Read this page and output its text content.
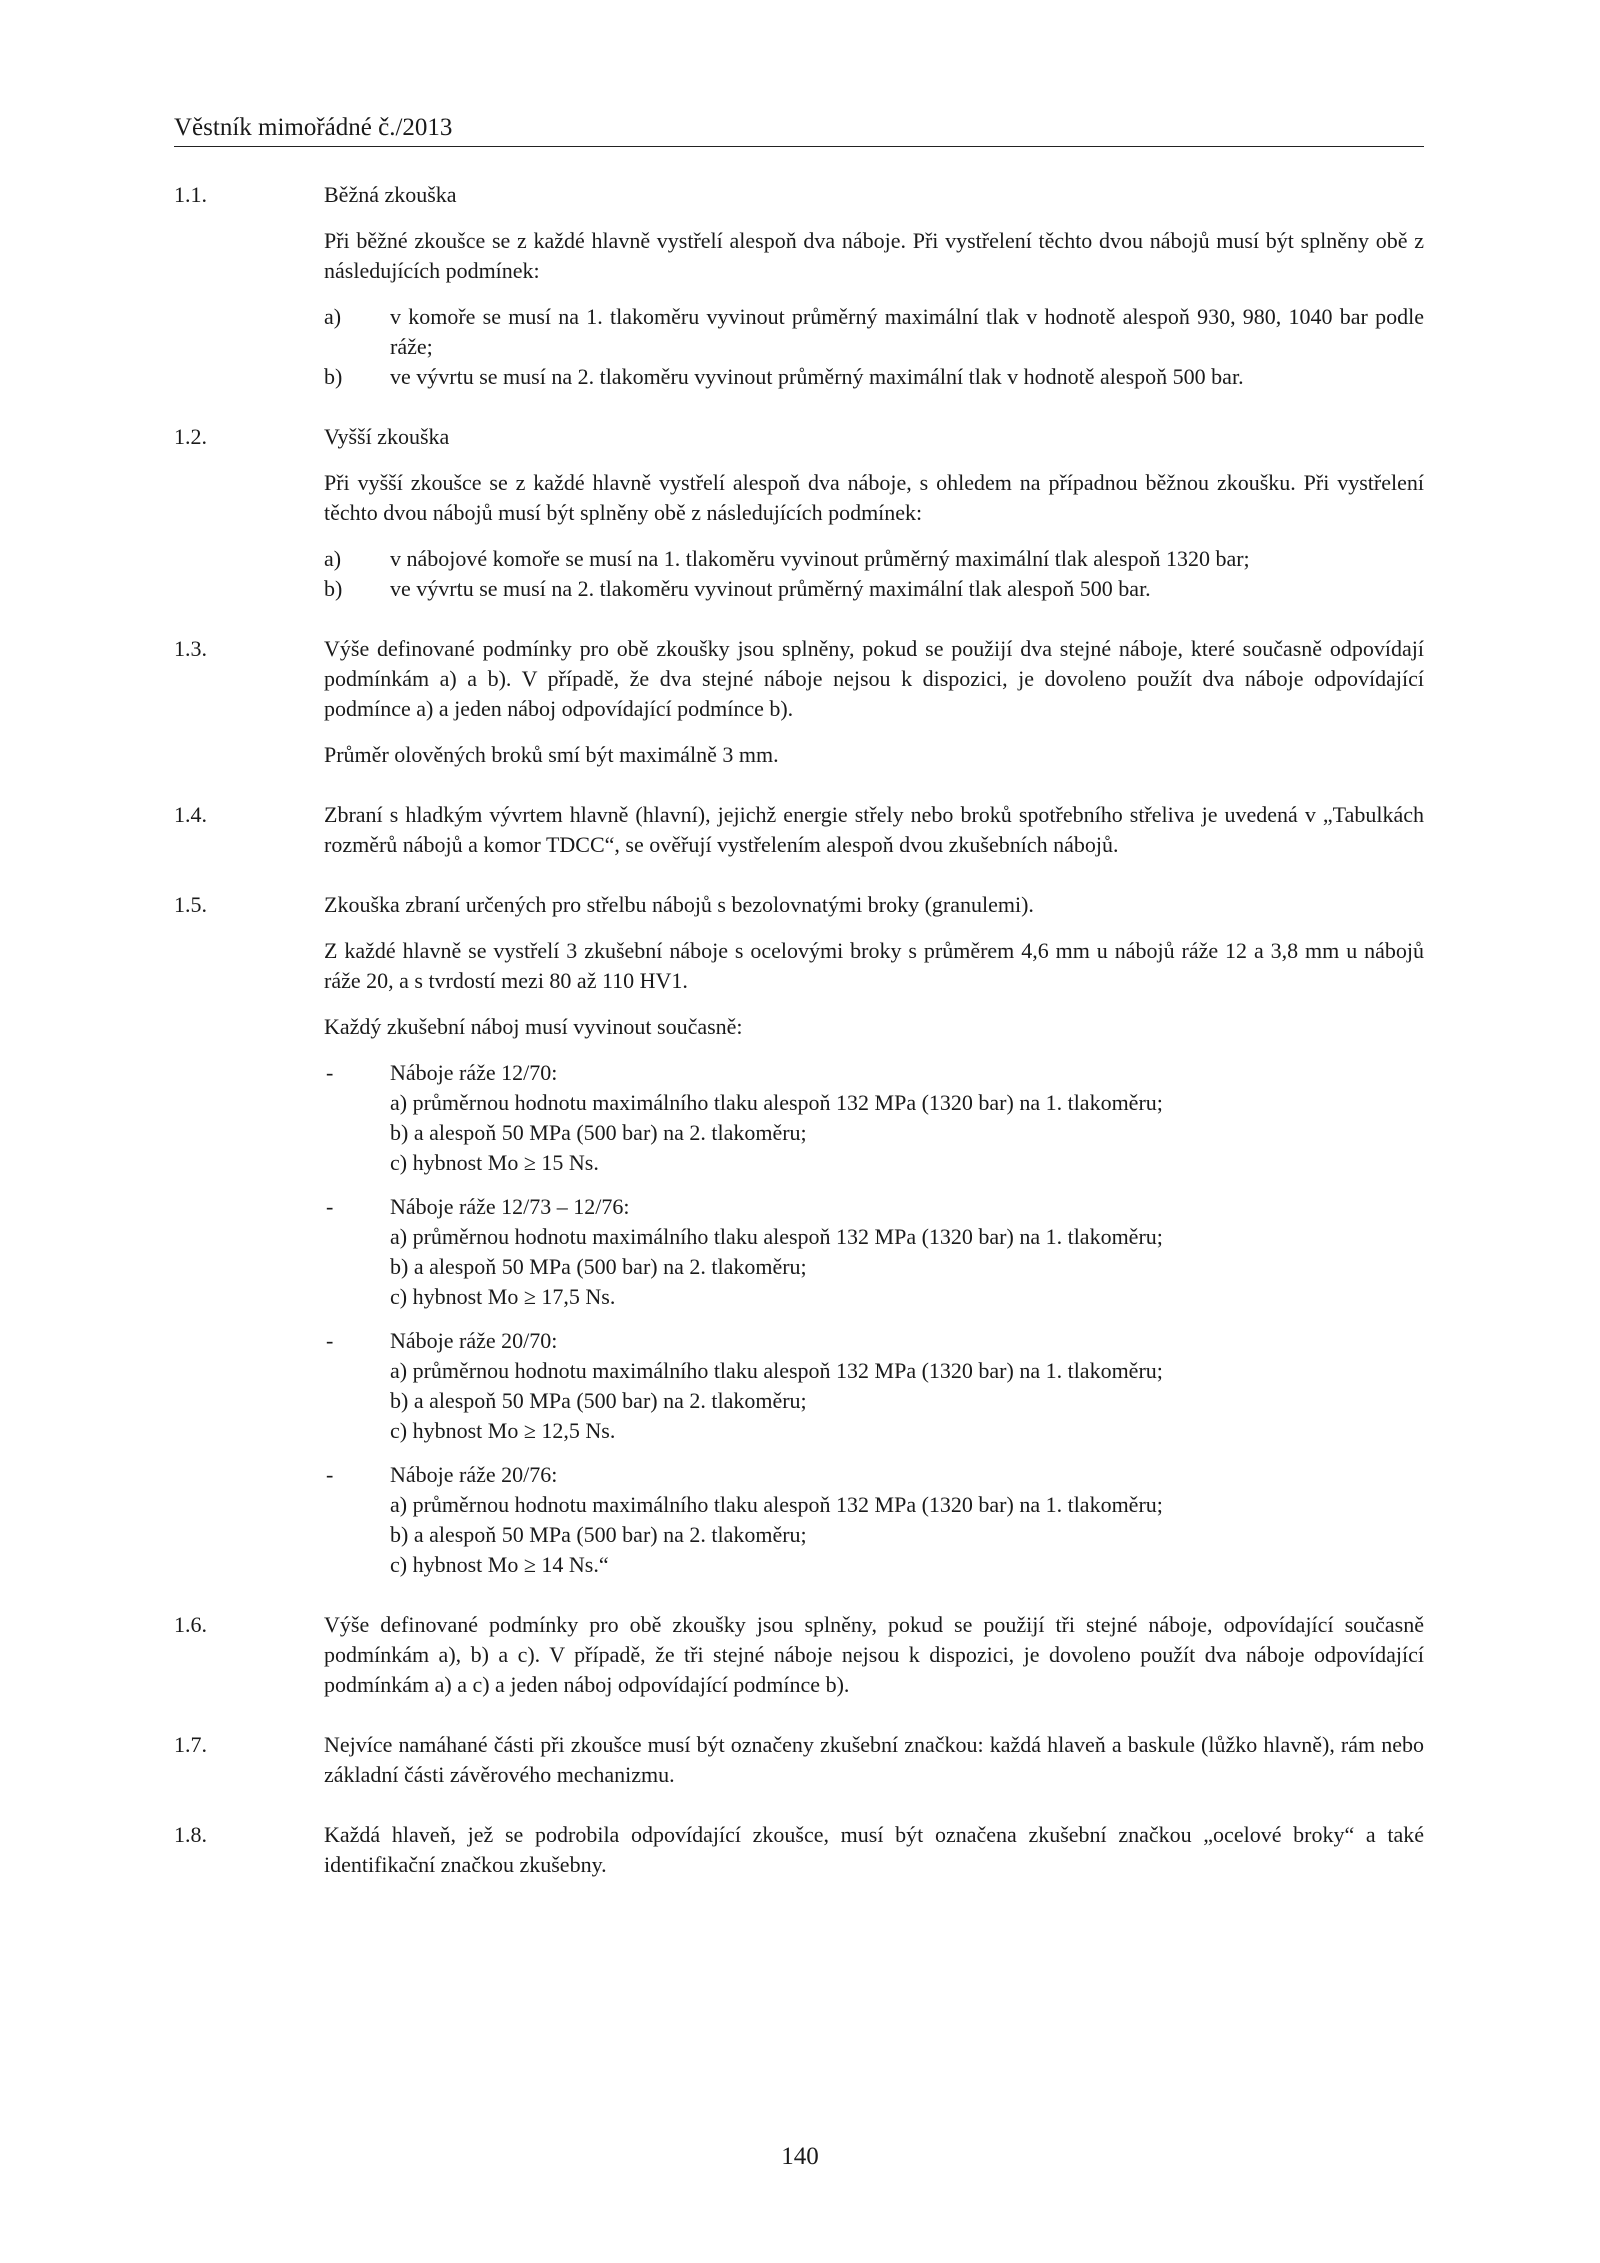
Věstník mimořádné č./2013
1.1.	Běžná zkouška

Při běžné zkoušce se z každé hlavně vystřelí alespoň dva náboje. Při vystřelení těchto dvou nábojů musí být splněny obě z následujících podmínek:

a) v komoře se musí na 1. tlakoměru vyvinout průměrný maximální tlak v hodnotě alespoň 930, 980, 1040 bar podle ráže;
b) ve vývrtu se musí na 2. tlakoměru vyvinout průměrný maximální tlak v hodnotě alespoň 500 bar.
1.2.	Vyšší zkouška

Při vyšší zkoušce se z každé hlavně vystřelí alespoň dva náboje, s ohledem na případnou běžnou zkoušku. Při vystřelení těchto dvou nábojů musí být splněny obě z následujících podmínek:

a) v nábojové komoře se musí na 1. tlakoměru vyvinout průměrný maximální tlak alespoň 1320 bar;
b) ve vývrtu se musí na 2. tlakoměru vyvinout průměrný maximální tlak alespoň 500 bar.
1.3.	Výše definované podmínky pro obě zkoušky jsou splněny, pokud se použijí dva stejné náboje, které současně odpovídají podmínkám a) a b). V případě, že dva stejné náboje nejsou k dispozici, je dovoleno použít dva náboje odpovídající podmínce a) a jeden náboj odpovídající podmínce b).

Průměr olověných broků smí být maximálně 3 mm.

1.4.	Zbraní s hladkým vývrtem hlavně (hlavní), jejichž energie střely nebo broků spotřebního střeliva je uvedená v „Tabulkách rozměrů nábojů a komor TDCC“, se ověřují vystřelením alespoň dvou zkušebních nábojů.

1.5.	Zkouška zbraní určených pro střelbu nábojů s bezolovnatými broky (granulemi).

Z každé hlavně se vystřelí 3 zkušební náboje s ocelovými broky s průměrem 4,6 mm u nábojů ráže 12 a 3,8 mm u nábojů ráže 20, a s tvrdostí mezi 80 až 110 HV1.

Každý zkušební náboj musí vyvinout současně:

-	Náboje ráže 12/70:
a) průměrnou hodnotu maximálního tlaku alespoň 132 MPa (1320 bar) na 1. tlakoměru;
b) a alespoň 50 MPa (500 bar) na 2. tlakoměru;
c) hybnost Mo ≥ 15 Ns.
-	Náboje ráže 12/73 – 12/76:
a) průměrnou hodnotu maximálního tlaku alespoň 132 MPa (1320 bar) na 1. tlakoměru;
b) a alespoň 50 MPa (500 bar) na 2. tlakoměru;
c) hybnost Mo ≥ 17,5 Ns.
-	Náboje ráže 20/70:
a) průměrnou hodnotu maximálního tlaku alespoň 132 MPa (1320 bar) na 1. tlakoměru;
b) a alespoň 50 MPa (500 bar) na 2. tlakoměru;
c) hybnost Mo ≥ 12,5 Ns.
-	Náboje ráže 20/76:
a) průměrnou hodnotu maximálního tlaku alespoň 132 MPa (1320 bar) na 1. tlakoměru;
b) a alespoň 50 MPa (500 bar) na 2. tlakoměru;
c) hybnost Mo ≥ 14 Ns.“
1.6.	Výše definované podmínky pro obě zkoušky jsou splněny, pokud se použijí tři stejné náboje, odpovídající současně podmínkám a), b) a c). V případě, že tři stejné náboje nejsou k dispozici, je dovoleno použít dva náboje odpovídající podmínkám a) a c) a jeden náboj odpovídající podmínce b).

1.7.	Nejvíce namáhané části při zkoušce musí být označeny zkušební značkou: každá hlaveň a baskule (lůžko hlavně), rám nebo základní části závěrového mechanizmu.

1.8.	Každá hlaveň, jež se podrobila odpovídající zkoušce, musí být označena zkušební značkou „ocelové broky“ a také identifikační značkou zkušebny.

140
